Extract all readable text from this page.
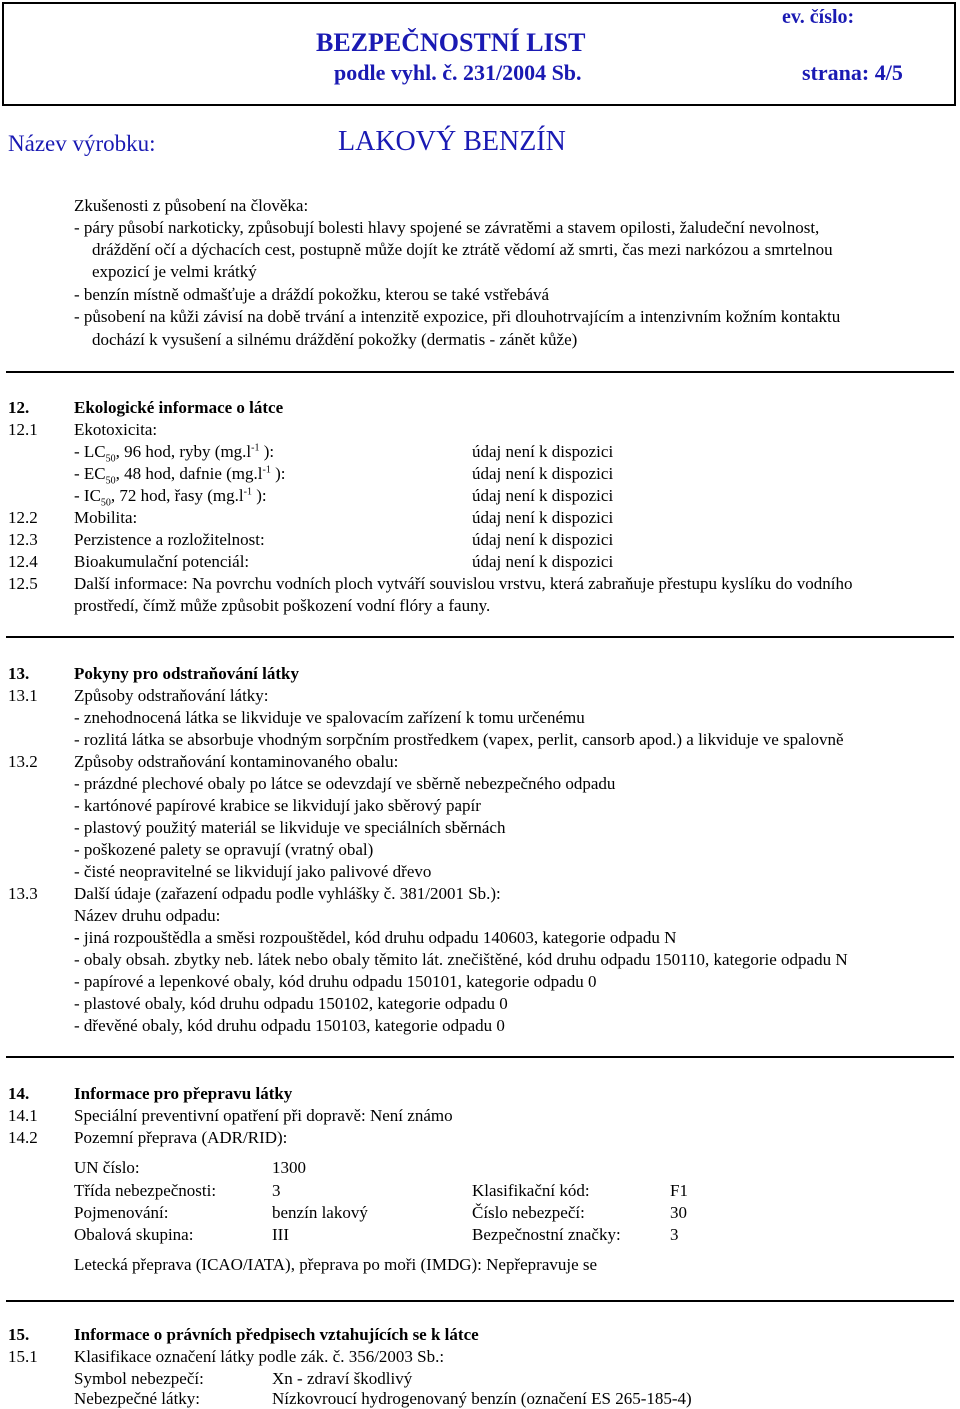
BEZPEČNOSTNÍ LIST
podle vyhl. č. 231/2004 Sb.
ev. číslo:
strana: 4/5
Název výrobku:	LAKOVÝ BENZÍN
Zkušenosti z působení na člověka:
- páry působí narkoticky, způsobují bolesti hlavy spojené se závratěmi a stavem opilosti, žaludeční nevolnost,
dráždění očí a dýchacích cest, postupně může dojít ke ztrátě vědomí až smrti, čas mezi narkózou a smrtelnou
expozicí je velmi krátký
- benzín místně odmašťuje a dráždí pokožku, kterou se také vstřebává
- působení na kůži závisí na době trvání a intenzitě expozice, při dlouhotrvajícím a intenzivním kožním kontaktu
dochází k vysušení a silnému dráždění pokožky (dermatis - zánět kůže)
12.	Ekologické informace o látce
12.1 Ekotoxicita:
- $LC_{50}$, 96 hod, ryby ($mg.l^{-1}$ ):	údaj není k dispozici
- $EC_{50}$, 48 hod, dafnie ($mg.l^{-1}$ ):	údaj není k dispozici
- $IC_{50}$, 72 hod, řasy ($mg.l^{-1}$ ):	údaj není k dispozici
12.2 Mobilita:	údaj není k dispozici
12.3 Perzistence a rozložitelnost:	údaj není k dispozici
12.4 Bioakumulační potenciál:	údaj není k dispozici
12.5 Další informace: Na povrchu vodních ploch vytváří souvislou vrstvu, která zabraňuje přestupu kyslíku do vodního
prostředí, čímž může způsobit poškození vodní flóry a fauny.
13.	Pokyny pro odstraňování látky
13.1 Způsoby odstraňování látky:
- znehodnocená látka se likviduje ve spalovacím zařízení k tomu určenému
- rozlitá látka se absorbuje vhodným sorpčním prostředkem (vapex, perlit, cansorb apod.) a likviduje ve spalovně
13.2 Způsoby odstraňování kontaminovaného obalu:
- prázdné plechové obaly po látce se odevzdají ve sběrně nebezpečného odpadu
- kartónové papírové krabice se likvidují jako sběrový papír
- plastový použitý materiál se likviduje ve speciálních sběrnách
- poškozené palety se opravují (vratný obal)
- čisté neopravitelné se likvidují jako palivové dřevo
13.3 Další údaje (zařazení odpadu podle vyhlášky č. 381/2001 Sb.):
Název druhu odpadu:
- jiná rozpouštědla a směsi rozpouštědel, kód druhu odpadu 140603, kategorie odpadu N
- obaly obsah. zbytky neb. látek nebo obaly těmito lát. znečištěné, kód druhu odpadu 150110, kategorie odpadu N
- papírové a lepenkové obaly, kód druhu odpadu 150101, kategorie odpadu 0
- plastové obaly, kód druhu odpadu 150102, kategorie odpadu 0
- dřevěné obaly, kód druhu odpadu 150103, kategorie odpadu 0
14.	Informace pro přepravu látky
14.1 Speciální preventivní opatření při dopravě: Není známo
14.2 Pozemní přeprava (ADR/RID):
UN číslo:	1300
Třída nebezpečnosti:	3	Klasifikační kód:	F1
Pojmenování:	benzín lakový	Číslo nebezpečí:	30
Obalová skupina:	III	Bezpečnostní značky:	3
Letecká přeprava (ICAO/IATA), přeprava po moři (IMDG): Nepřepravuje se
15.	Informace o právních předpisech vztahujících se k látce
15.1 Klasifikace označení látky podle zák. č. 356/2003 Sb.:
Symbol nebezpečí:	Xn - zdraví škodlivý
Nebezpečné látky:	Nízkovroucí hydrogenovaný benzín (označení ES 265-185-4)
